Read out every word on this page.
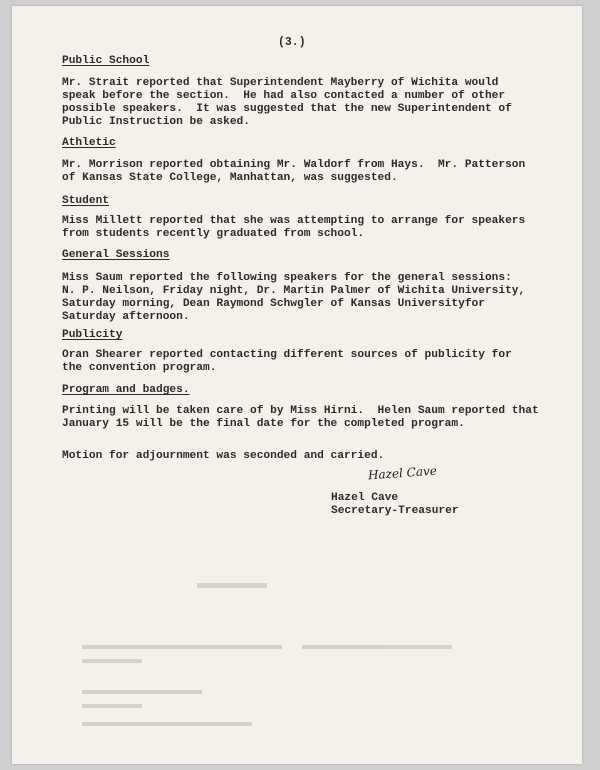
(3.)
Public School
Mr. Strait reported that Superintendent Mayberry of Wichita would
speak before the section.  He had also contacted a number of other
possible speakers.  It was suggested that the new Superintendent of
Public Instruction be asked.
Athletic
Mr. Morrison reported obtaining Mr. Waldorf from Hays.  Mr. Patterson
of Kansas State College, Manhattan, was suggested.
Student
Miss Millett reported that she was attempting to arrange for speakers
from students recently graduated from school.
General Sessions
Miss Saum reported the following speakers for the general sessions:
N. P. Neilson, Friday night, Dr. Martin Palmer of Wichita University,
Saturday morning, Dean Raymond Schwgler of Kansas Universityfor
Saturday afternoon.
Publicity
Oran Shearer reported contacting different sources of publicity for
the convention program.
Program and badges.
Printing will be taken care of by Miss Hirni.  Helen Saum reported that
January 15 will be the final date for the completed program.
Motion for adjournment was seconded and carried.
Hazel Cave
Hazel Cave
Secretary-Treasurer
